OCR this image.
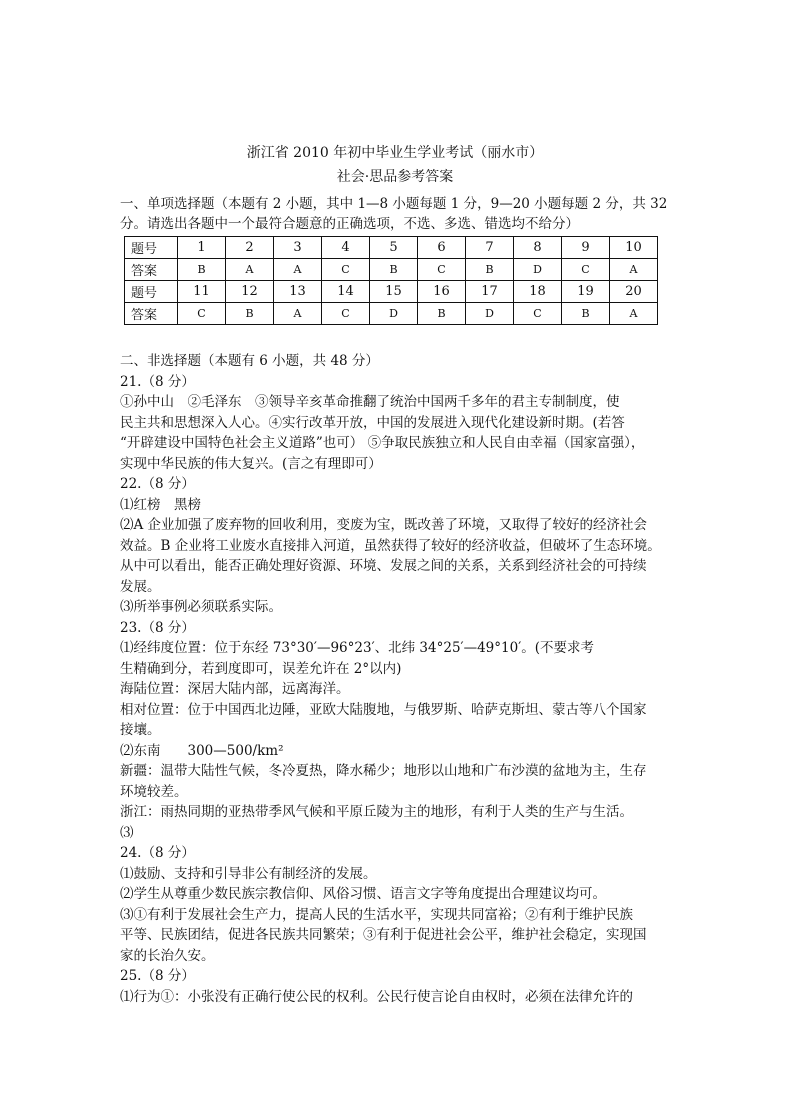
浙江省 2010 年初中毕业生学业考试（丽水市）
社会·思品参考答案
一、单项选择题（本题有 2 小题，其中 1—8 小题每题 1 分，9—20 小题每题 2 分，共 32 分。请选出各题中一个最符合题意的正确选项，不选、多选、错选均不给分）
题号	1	2	3	4	5	6	7	8	9	10
答案	B	A	A	C	B	C	B	D	C	A
题号	11	12	13	14	15	16	17	18	19	20
答案	C	B	A	C	D	B	D	C	B	A

二、非选择题（本题有 6 小题，共 48 分）

21.（8 分）

①孙中山　②毛泽东　③领导辛亥革命推翻了统治中国两千多年的君主专制制度，使

民主共和思想深入人心。④实行改革开放，中国的发展进入现代化建设新时期。(若答

“开辟建设中国特色社会主义道路”也可） ⑤争取民族独立和人民自由幸福（国家富强），

实现中华民族的伟大复兴。(言之有理即可）

22.（8 分）

⑴红榜　黑榜

⑵A 企业加强了废弃物的回收利用，变废为宝，既改善了环境，又取得了较好的经济社会

效益。B 企业将工业废水直接排入河道，虽然获得了较好的经济收益，但破坏了生态环境。

从中可以看出，能否正确处理好资源、环境、发展之间的关系，关系到经济社会的可持续

发展。

⑶所举事例必须联系实际。

23.（8 分）

⑴经纬度位置：位于东经 73°30′—96°23′、北纬 34°25′—49°10′。(不要求考

生精确到分，若到度即可，误差允许在 2°以内)

海陆位置：深居大陆内部，远离海洋。

相对位置：位于中国西北边陲，亚欧大陆腹地，与俄罗斯、哈萨克斯坦、蒙古等八个国家

接壤。

⑵东南　　300—500/km²

新疆：温带大陆性气候，冬冷夏热，降水稀少；地形以山地和广布沙漠的盆地为主，生存

环境较差。

浙江：雨热同期的亚热带季风气候和平原丘陵为主的地形，有利于人类的生产与生活。

⑶

24.（8 分）

⑴鼓励、支持和引导非公有制经济的发展。

⑵学生从尊重少数民族宗教信仰、风俗习惯、语言文字等角度提出合理建议均可。

⑶①有利于发展社会生产力，提高人民的生活水平，实现共同富裕；②有利于维护民族

平等、民族团结，促进各民族共同繁荣；③有利于促进社会公平，维护社会稳定，实现国

家的长治久安。

25.（8 分）

⑴行为①：小张没有正确行使公民的权利。公民行使言论自由权时，必须在法律允许的
